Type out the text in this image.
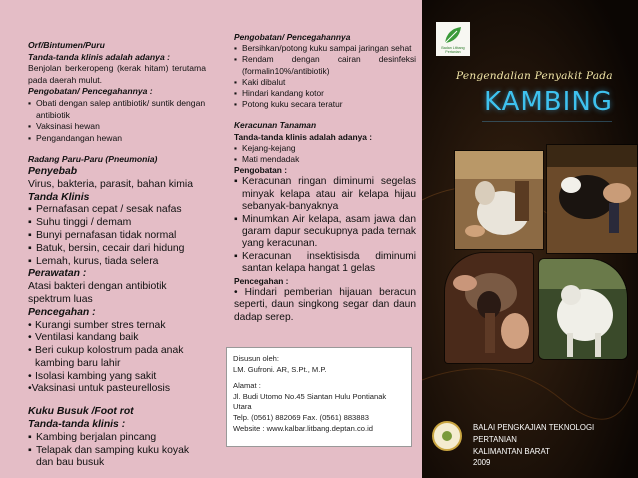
Orf/Bintumen/Puru
Tanda-tanda klinis adalah adanya :
Benjolan berkeropeng (kerak hitam) terutama pada daerah mulut.
Pengobatan/ Pencegahannya :
▪ Obati dengan salep antibiotik/ suntik dengan antibiotik
▪ Vaksinasi hewan
▪ Pengandangan hewan
Radang Paru-Paru (Pneumonia)
Penyebab
Virus, bakteria, parasit, bahan kimia
Tanda Klinis
▪ Pernafasan cepat / sesak nafas
▪ Suhu tinggi / demam
▪ Bunyi pernafasan tidak normal
▪ Batuk, bersin, cecair dari hidung
▪ Lemah, kurus, tiada selera
Perawatan :
Atasi bakteri dengan antibiotik spektrum luas
Pencegahan :
• Kurangi sumber stres ternak
• Ventilasi kandang baik
• Beri cukup kolostrum pada anak kambing baru lahir
• Isolasi kambing yang sakit
•Vaksinasi untuk pasteurellosis
Kuku Busuk /Foot rot
Tanda-tanda klinis :
▪ Kambing berjalan pincang
▪ Telapak dan samping kuku koyak dan bau busuk
Pengobatan/ Pencegahannya
▪ Bersihkan/potong kuku sampai jaringan sehat
▪ Rendam dengan cairan desinfeksi (formalin10%/antibiotik)
▪ Kaki dibalut
▪ Hindari kandang kotor
▪ Potong kuku secara teratur
Keracunan Tanaman
Tanda-tanda klinis adalah adanya :
▪ Kejang-kejang
▪ Mati mendadak
Pengobatan :
▪ Keracunan ringan diminumi segelas minyak kelapa atau air kelapa hijau sebanyak-banyaknya
▪ Minumkan Air kelapa, asam jawa dan garam dapur secukupnya pada ternak yang keracunan.
▪ Keracunan insektisisda diminumi santan kelapa hangat 1 gelas
Pencegahan :
• Hindari pemberian hijauan beracun seperti, daun singkong segar dan daun dadap serep.
Disusun oleh:
LM. Gufroni. AR, S.Pt., M.P.
Alamat :
Jl. Budi Utomo No.45 Siantan Hulu Pontianak
Utara
Telp. (0561) 882069 Fax. (0561) 883883
Website : www.kalbar.litbang.deptan.co.id
Badan Litbang Pertanian
Pengendalian Penyakit Pada
KAMBING
BALAI PENGKAJIAN TEKNOLOGI PERTANIAN
KALIMANTAN BARAT
2009
